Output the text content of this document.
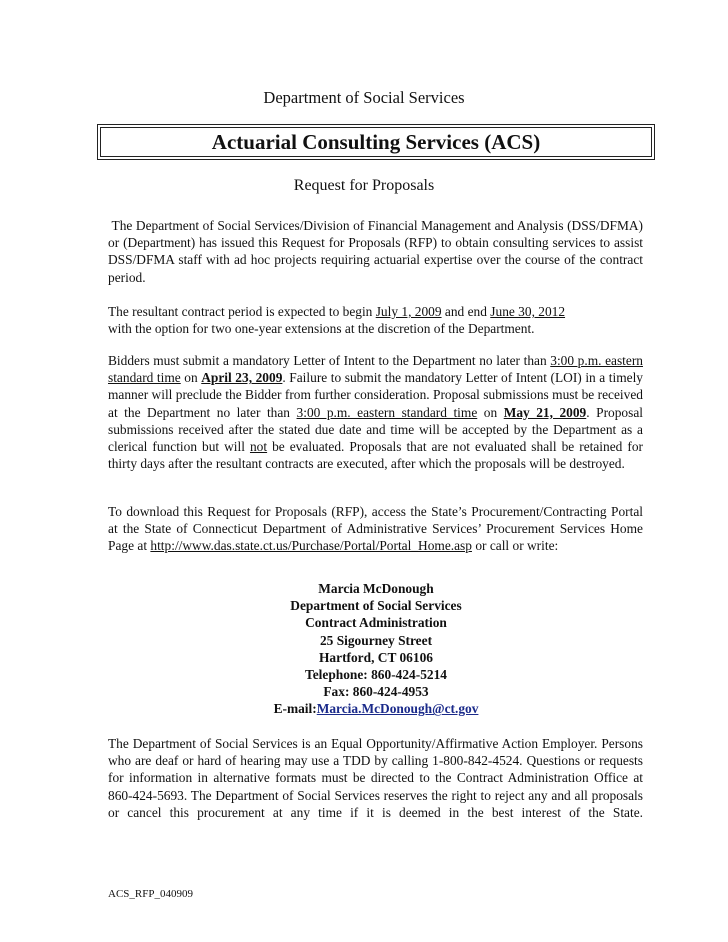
Department of Social Services
Actuarial Consulting Services (ACS)
Request for Proposals

The Department of Social Services/Division of Financial Management and Analysis (DSS/DFMA) or (Department) has issued this Request for Proposals (RFP) to obtain consulting services to assist DSS/DFMA staff with ad hoc projects requiring actuarial expertise over the course of the contract period.

The resultant contract period is expected to begin July 1, 2009 and end June 30, 2012
with the option for two one-year extensions at the discretion of the Department.

Bidders must submit a mandatory Letter of Intent to the Department no later than 3:00 p.m. eastern standard time on April 23, 2009. Failure to submit the mandatory Letter of Intent (LOI) in a timely manner will preclude the Bidder from further consideration. Proposal submissions must be received at the Department no later than 3:00 p.m. eastern standard time on May 21, 2009. Proposal submissions received after the stated due date and time will be accepted by the Department as a clerical function but will not be evaluated. Proposals that are not evaluated shall be retained for thirty days after the resultant contracts are executed, after which the proposals will be destroyed.

To download this Request for Proposals (RFP), access the State’s Procurement/Contracting Portal at the State of Connecticut Department of Administrative Services’ Procurement Services Home Page at http://www.das.state.ct.us/Purchase/Portal/Portal_Home.asp or call or write:

Marcia McDonough
Department of Social Services
Contract Administration
25 Sigourney Street
Hartford, CT 06106
Telephone: 860-424-5214
Fax: 860-424-4953
E-mail:Marcia.McDonough@ct.gov

The Department of Social Services is an Equal Opportunity/Affirmative Action Employer. Persons who are deaf or hard of hearing may use a TDD by calling 1-800-842-4524. Questions or requests for information in alternative formats must be directed to the Contract Administration Office at 860-424-5693. The Department of Social Services reserves the right to reject any and all proposals or cancel this procurement at any time if it is deemed in the best interest of the State.

ACS_RFP_040909
